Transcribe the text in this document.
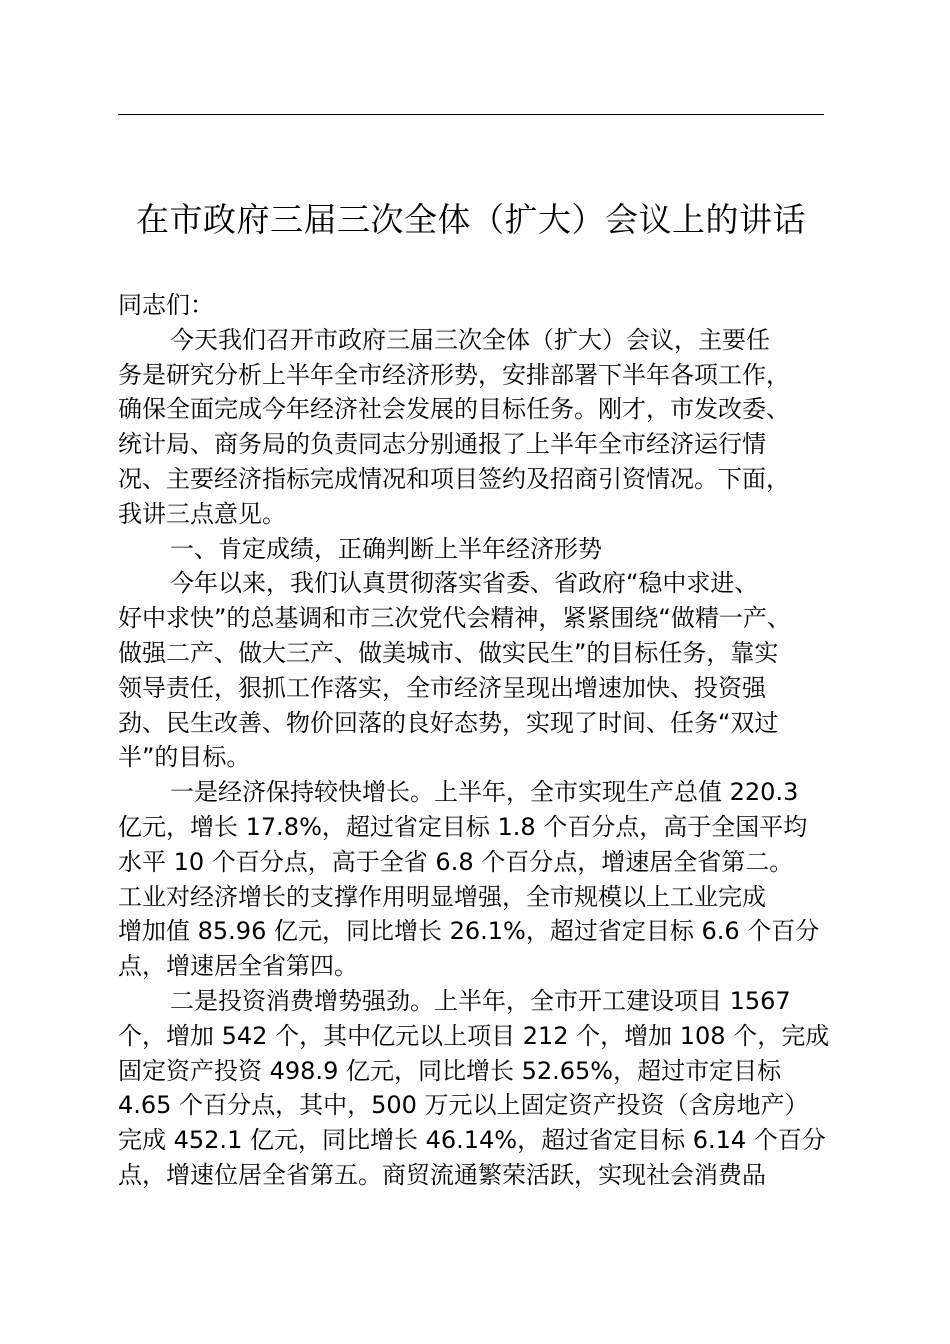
在市政府三届三次全体（扩大）会议上的讲话
同志们：
今天我们召开市政府三届三次全体（扩大）会议，主要任
务是研究分析上半年全市经济形势，安排部署下半年各项工作，
确保全面完成今年经济社会发展的目标任务。刚才，市发改委、
统计局、商务局的负责同志分别通报了上半年全市经济运行情
况、主要经济指标完成情况和项目签约及招商引资情况。下面，
我讲三点意见。
一、肯定成绩，正确判断上半年经济形势
今年以来，我们认真贯彻落实省委、省政府“稳中求进、
好中求快”的总基调和市三次党代会精神，紧紧围绕“做精一产、
做强二产、做大三产、做美城市、做实民生”的目标任务，靠实
领导责任，狠抓工作落实，全市经济呈现出增速加快、投资强
劲、民生改善、物价回落的良好态势，实现了时间、任务“双过
半”的目标。
一是经济保持较快增长。上半年，全市实现生产总值 220.3
亿元，增长 17.8%，超过省定目标 1.8 个百分点，高于全国平均
水平 10 个百分点，高于全省 6.8 个百分点，增速居全省第二。
工业对经济增长的支撑作用明显增强，全市规模以上工业完成
增加值 85.96 亿元，同比增长 26.1%，超过省定目标 6.6 个百分
点，增速居全省第四。
二是投资消费增势强劲。上半年，全市开工建设项目 1567
个，增加 542 个，其中亿元以上项目 212 个，增加 108 个，完成
固定资产投资 498.9 亿元，同比增长 52.65%，超过市定目标
4.65 个百分点，其中，500 万元以上固定资产投资（含房地产）
完成 452.1 亿元，同比增长 46.14%，超过省定目标 6.14 个百分
点，增速位居全省第五。商贸流通繁荣活跃，实现社会消费品
